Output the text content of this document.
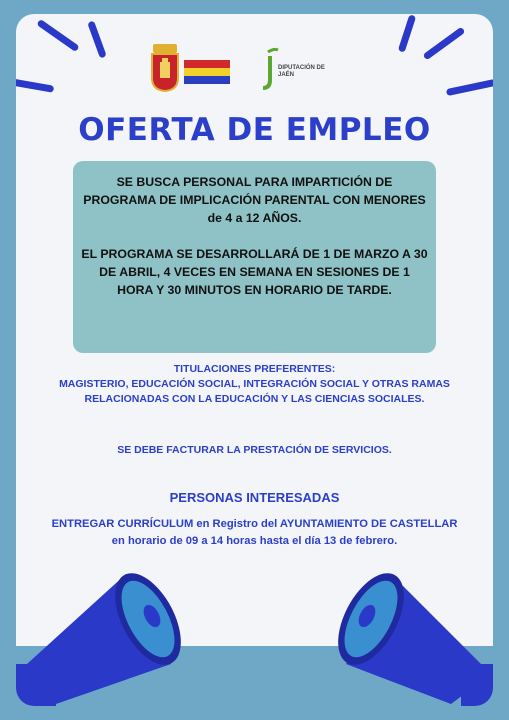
DIPUTACIÓN DE JAÉN
OFERTA DE EMPLEO

SE BUSCA PERSONAL PARA IMPARTICIÓN DE PROGRAMA DE IMPLICACIÓN PARENTAL CON MENORES de 4 a 12 AÑOS.

EL PROGRAMA SE DESARROLLARÁ DE 1 DE MARZO A 30 DE ABRIL, 4 VECES EN SEMANA EN SESIONES DE 1 HORA Y 30 MINUTOS EN HORARIO DE TARDE.

TITULACIONES PREFERENTES:
MAGISTERIO, EDUCACIÓN SOCIAL, INTEGRACIÓN SOCIAL Y OTRAS RAMAS RELACIONADAS CON LA EDUCACIÓN Y LAS CIENCIAS SOCIALES.
SE DEBE FACTURAR LA PRESTACIÓN DE SERVICIOS.
PERSONAS INTERESADAS
ENTREGAR CURRÍCULUM en Registro del AYUNTAMIENTO DE CASTELLAR en horario de 09 a 14 horas hasta el día 13 de febrero.
